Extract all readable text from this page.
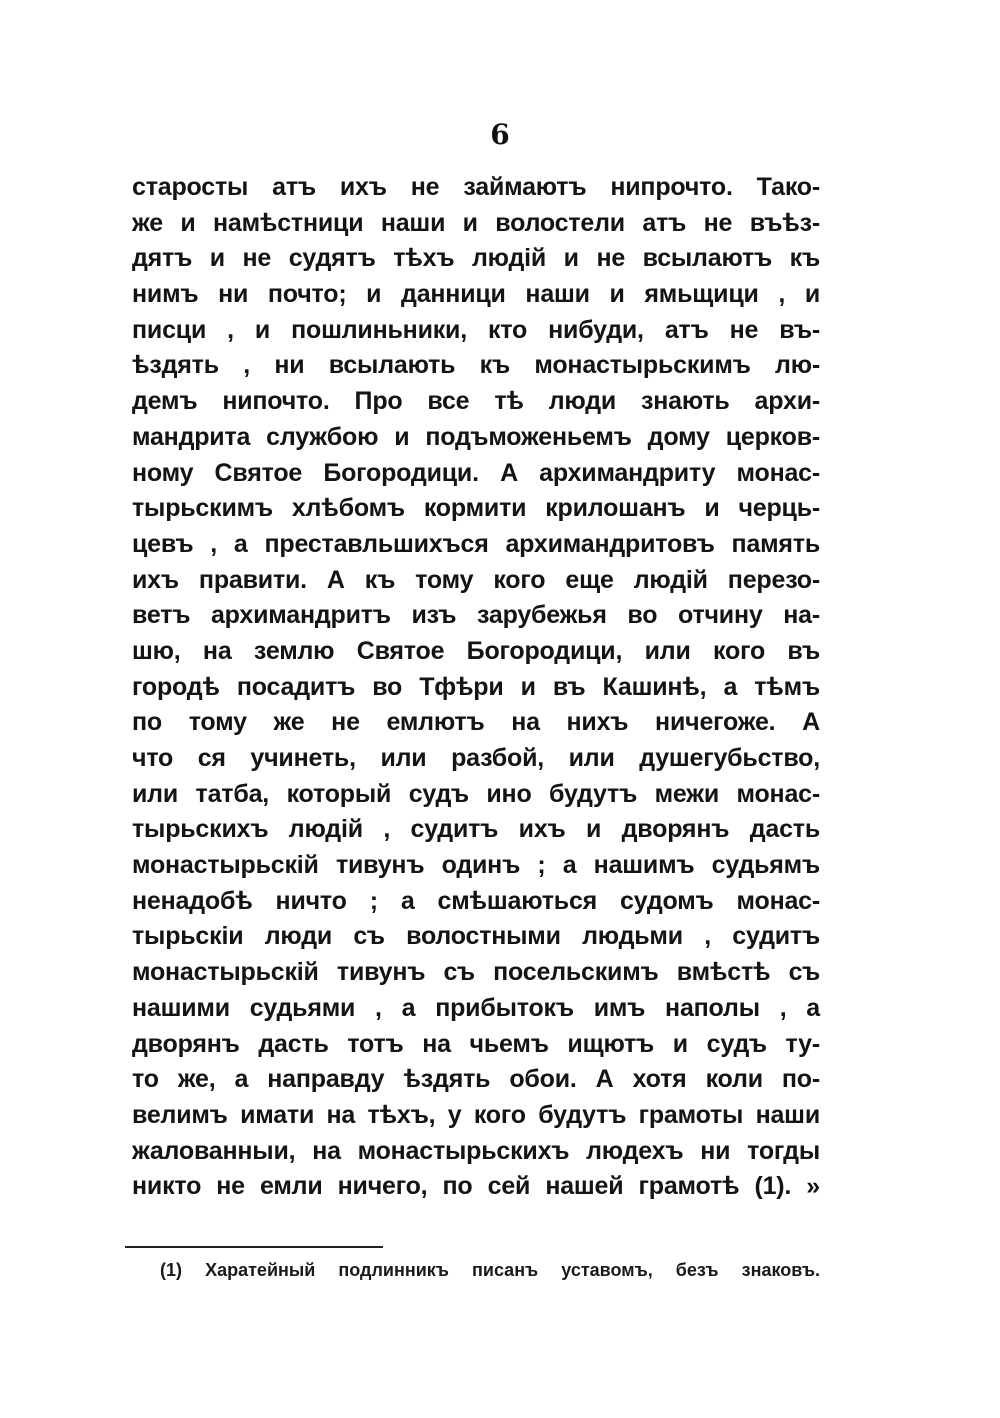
6
старосты атъ ихъ не займаютъ нипрочто. Тако-
же и намѣстници наши и волостели атъ не въѣз-
дятъ и не судятъ тѣхъ людій и не всылаютъ къ
нимъ ни почто; и данници наши и ямьщици , и
писци , и пошлиньники, кто нибуди, атъ не въ-
ѣздять , ни всылають къ монастырьскимъ лю-
демъ нипочто. Про все тѣ люди знають архи-
мандрита службою и подъможеньемъ дому церков-
ному Святое Богородици. А архимандриту монас-
тырьскимъ хлѣбомъ кормити крилошанъ и черць-
цевъ , а преставльшихъся архимандритовъ память
ихъ правити. А къ тому кого еще людій перезо-
ветъ архимандритъ изъ зарубежья во отчину на-
шю, на землю Святое Богородици, или кого въ
городѣ посадитъ во Тфѣри и въ Кашинѣ, а тѣмъ
по тому же не емлютъ на нихъ ничегоже. А
что ся учинеть, или разбой, или душегубьство,
или татба, который судъ ино будутъ межи монас-
тырьскихъ людій , судитъ ихъ и дворянъ дасть
монастырьскій тивунъ одинъ ; а нашимъ судьямъ
ненадобѣ ничто ; а смѣшаються судомъ монас-
тырьскіи люди съ волостными людьми , судитъ
монастырьскій тивунъ съ посельскимъ вмѣстѣ съ
нашими судьями , а прибытокъ имъ наполы , а
дворянъ дасть тотъ на чьемъ ищютъ и судъ ту-
то же, а направду ѣздять обои. А хотя коли по-
велимъ имати на тѣхъ, у кого будутъ грамоты наши
жалованныи, на монастырьскихъ людехъ ни тогды
никто не емли ничего, по сей нашей грамотѣ (1). »
(1) Харатейный подлинникъ писанъ уставомъ, безъ знаковъ.
